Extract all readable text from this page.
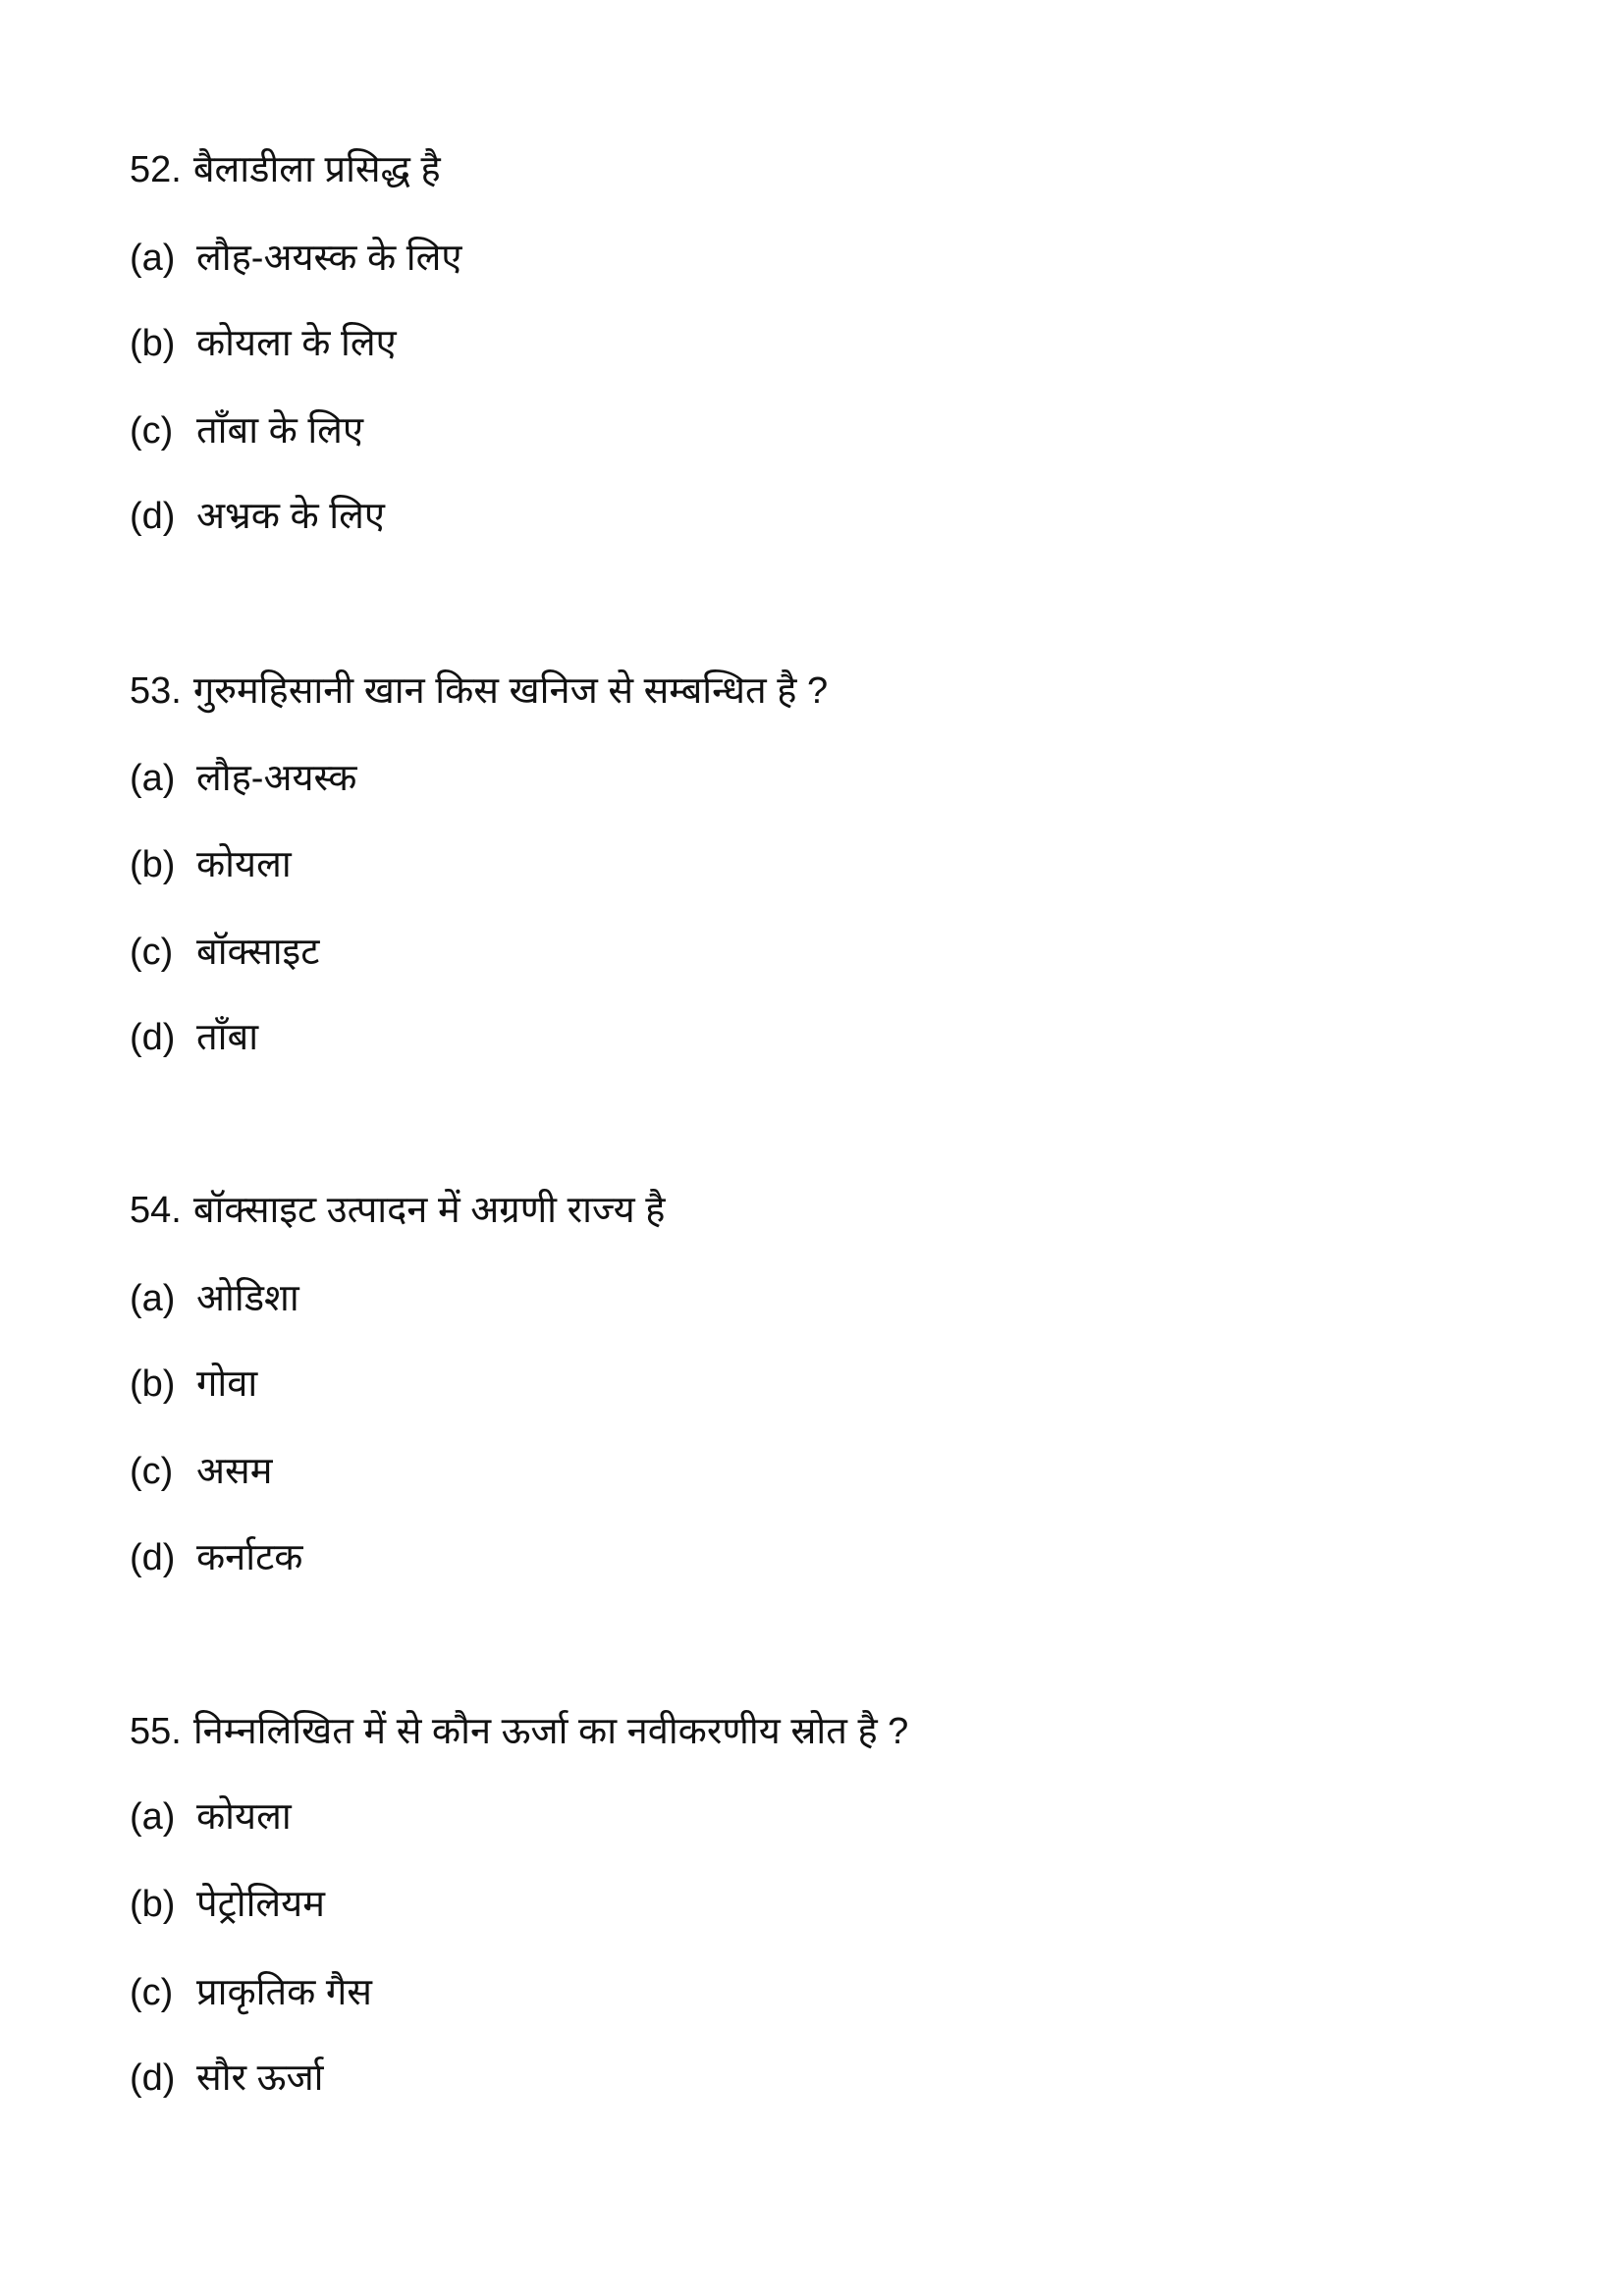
52. बैलाडीला प्रसिद्ध है
(a) लौह-अयस्क के लिए
(b) कोयला के लिए
(c) ताँबा के लिए
(d) अभ्रक के लिए
53. गुरुमहिसानी खान किस खनिज से सम्बन्धित है ?
(a) लौह-अयस्क
(b) कोयला
(c) बॉक्साइट
(d) ताँबा
54. बॉक्साइट उत्पादन में अग्रणी राज्य है
(a) ओडिशा
(b) गोवा
(c) असम
(d) कर्नाटक
55. निम्नलिखित में से कौन ऊर्जा का नवीकरणीय स्रोत है ?
(a) कोयला
(b) पेट्रोलियम
(c) प्राकृतिक गैस
(d) सौर ऊर्जा
